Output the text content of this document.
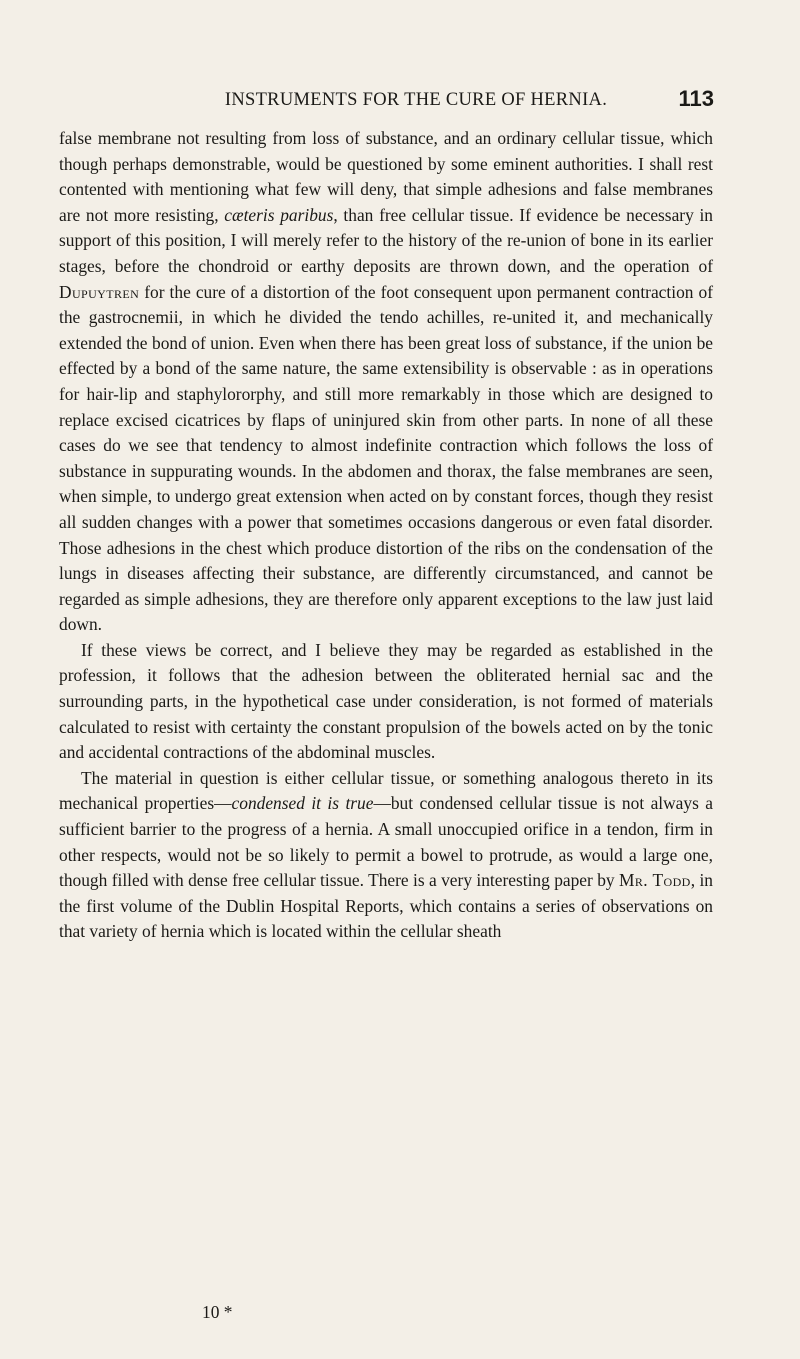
INSTRUMENTS FOR THE CURE OF HERNIA.	113

false membrane not resulting from loss of substance, and an ordinary cellular tissue, which though perhaps demonstrable, would be questioned by some eminent authorities. I shall rest contented with mentioning what few will deny, that simple adhesions and false membranes are not more resisting, cæteris paribus, than free cellular tissue. If evidence be necessary in support of this position, I will merely refer to the history of the re-union of bone in its earlier stages, before the chondroid or earthy deposits are thrown down, and the operation of Dupuytren for the cure of a distortion of the foot consequent upon permanent contraction of the gastrocnemii, in which he divided the tendo achilles, re-united it, and mechanically extended the bond of union. Even when there has been great loss of substance, if the union be effected by a bond of the same nature, the same extensibility is observable : as in operations for hair-lip and staphylororphy, and still more remarkably in those which are designed to replace excised cicatrices by flaps of uninjured skin from other parts. In none of all these cases do we see that tendency to almost indefinite contraction which follows the loss of substance in suppurating wounds. In the abdomen and thorax, the false membranes are seen, when simple, to undergo great extension when acted on by constant forces, though they resist all sudden changes with a power that sometimes occasions dangerous or even fatal disorder. Those adhesions in the chest which produce distortion of the ribs on the condensation of the lungs in diseases affecting their substance, are differently circumstanced, and cannot be regarded as simple adhesions, they are therefore only apparent exceptions to the law just laid down.

If these views be correct, and I believe they may be regarded as established in the profession, it follows that the adhesion between the obliterated hernial sac and the surrounding parts, in the hypothetical case under consideration, is not formed of materials calculated to resist with certainty the constant propulsion of the bowels acted on by the tonic and accidental contractions of the abdominal muscles.

The material in question is either cellular tissue, or something analogous thereto in its mechanical properties—condensed it is true—but condensed cellular tissue is not always a sufficient barrier to the progress of a hernia. A small unoccupied orifice in a tendon, firm in other respects, would not be so likely to permit a bowel to protrude, as would a large one, though filled with dense free cellular tissue. There is a very interesting paper by Mr. Todd, in the first volume of the Dublin Hospital Reports, which contains a series of observations on that variety of hernia which is located within the cellular sheath

10 *
